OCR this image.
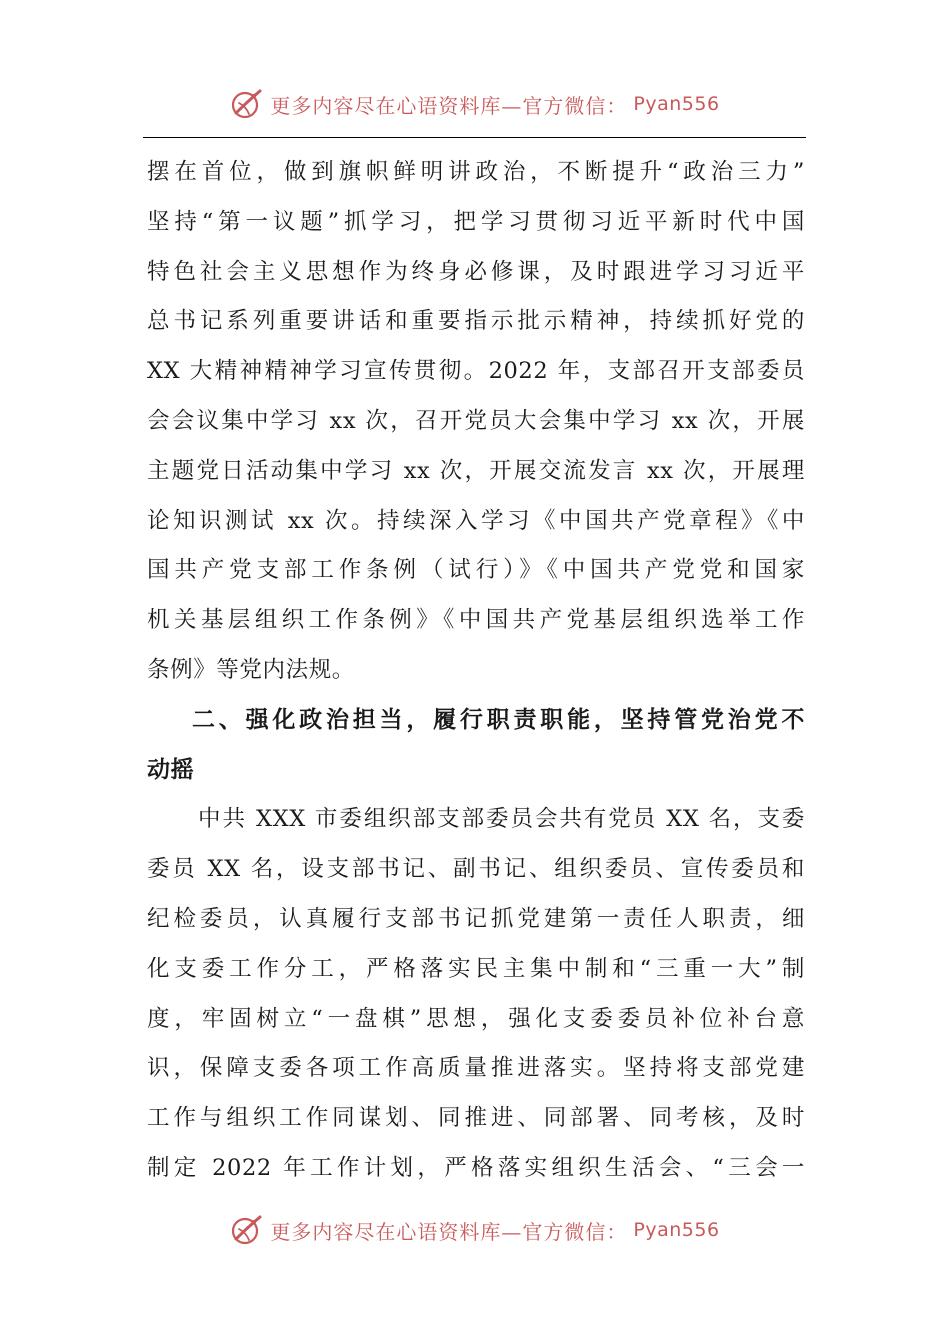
更多内容尽在心语资料库—官方微信： Pyan556
摆在首位，做到旗帜鲜明讲政治，不断提升“政治三力”
坚持“第一议题”抓学习，把学习贯彻习近平新时代中国
特色社会主义思想作为终身必修课，及时跟进学习习近平
总书记系列重要讲话和重要指示批示精神，持续抓好党的
XX 大精神精神学习宣传贯彻。2022 年，支部召开支部委员
会会议集中学习 xx 次，召开党员大会集中学习 xx 次，开展
主题党日活动集中学习 xx 次，开展交流发言 xx 次，开展理
论知识测试 xx 次。持续深入学习《中国共产党章程》《中
国共产党支部工作条例（试行）》《中国共产党党和国家
机关基层组织工作条例》《中国共产党基层组织选举工作
条例》等党内法规。
二、强化政治担当，履行职责职能，坚持管党治党不
动摇
中共 XXX 市委组织部支部委员会共有党员 XX 名，支委
委员 XX 名，设支部书记、副书记、组织委员、宣传委员和
纪检委员，认真履行支部书记抓党建第一责任人职责，细
化支委工作分工，严格落实民主集中制和“三重一大”制
度，牢固树立“一盘棋”思想，强化支委委员补位补台意
识，保障支委各项工作高质量推进落实。坚持将支部党建
工作与组织工作同谋划、同推进、同部署、同考核，及时
制定 2022 年工作计划，严格落实组织生活会、“三会一
更多内容尽在心语资料库—官方微信： Pyan556
